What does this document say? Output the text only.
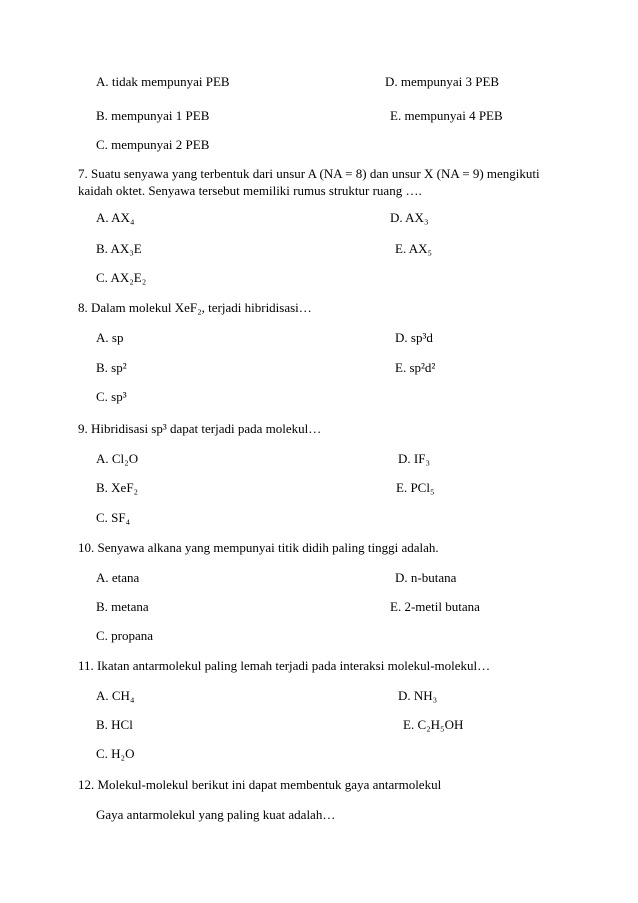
A. tidak mempunyai PEB	D. mempunyai 3 PEB
B. mempunyai 1 PEB	E. mempunyai 4 PEB
C. mempunyai 2 PEB
7. Suatu senyawa yang terbentuk dari unsur A (NA = 8) dan unsur X (NA = 9) mengikuti
kaidah oktet. Senyawa tersebut memiliki rumus struktur ruang ….
A. AX₄	D. AX₃
B. AX₃E	E. AX₅
C. AX₂E₂
8. Dalam molekul XeF₂, terjadi hibridisasi…
A. sp	D. sp³d
B. sp²	E. sp²d²
C. sp³
9. Hibridisasi sp³ dapat terjadi pada molekul…
A. Cl₂O	D. IF₃
B. XeF₂	E. PCl₅
C. SF₄
10. Senyawa alkana yang mempunyai titik didih paling tinggi adalah.
A. etana	D. n-butana
B. metana	E. 2-metil butana
C. propana
11. Ikatan antarmolekul paling lemah terjadi pada interaksi molekul-molekul…
A. CH₄	D. NH₃
B. HCl	E. C₂H₅OH
C. H₂O
12. Molekul-molekul berikut ini dapat membentuk gaya antarmolekul
Gaya antarmolekul yang paling kuat adalah…
